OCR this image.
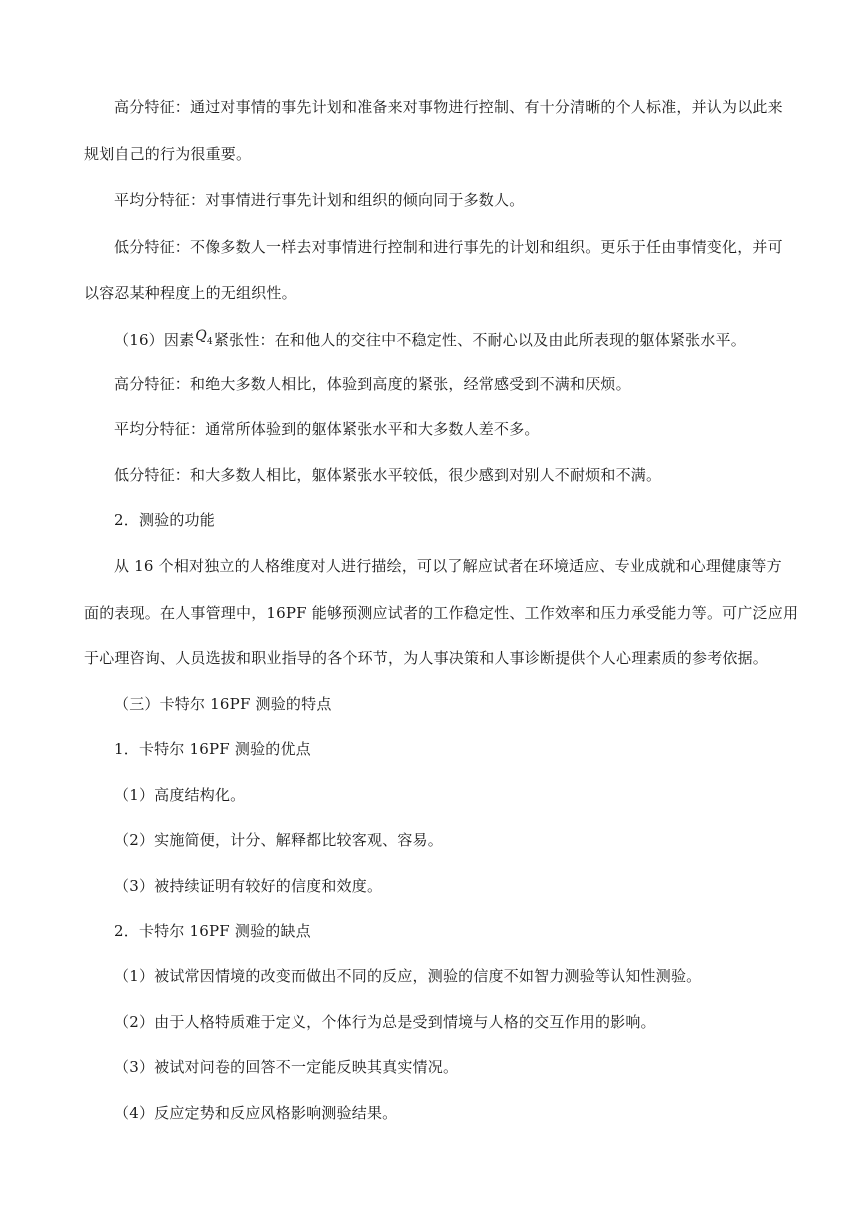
高分特征：通过对事情的事先计划和准备来对事物进行控制、有十分清晰的个人标准，并认为以此来
规划自己的行为很重要。
平均分特征：对事情进行事先计划和组织的倾向同于多数人。
低分特征：不像多数人一样去对事情进行控制和进行事先的计划和组织。更乐于任由事情变化，并可
以容忍某种程度上的无组织性。
（16）因素$Q_4$紧张性：在和他人的交往中不稳定性、不耐心以及由此所表现的躯体紧张水平。
高分特征：和绝大多数人相比，体验到高度的紧张，经常感受到不满和厌烦。
平均分特征：通常所体验到的躯体紧张水平和大多数人差不多。
低分特征：和大多数人相比，躯体紧张水平较低，很少感到对别人不耐烦和不满。
2．测验的功能
从 16 个相对独立的人格维度对人进行描绘，可以了解应试者在环境适应、专业成就和心理健康等方
面的表现。在人事管理中，16PF 能够预测应试者的工作稳定性、工作效率和压力承受能力等。可广泛应用
于心理咨询、人员选拔和职业指导的各个环节，为人事决策和人事诊断提供个人心理素质的参考依据。
（三）卡特尔 16PF 测验的特点
1．卡特尔 16PF 测验的优点
（1）高度结构化。
（2）实施简便，计分、解释都比较客观、容易。
（3）被持续证明有较好的信度和效度。
2．卡特尔 16PF 测验的缺点
（1）被试常因情境的改变而做出不同的反应，测验的信度不如智力测验等认知性测验。
（2）由于人格特质难于定义，个体行为总是受到情境与人格的交互作用的影响。
（3）被试对问卷的回答不一定能反映其真实情况。
（4）反应定势和反应风格影响测验结果。
